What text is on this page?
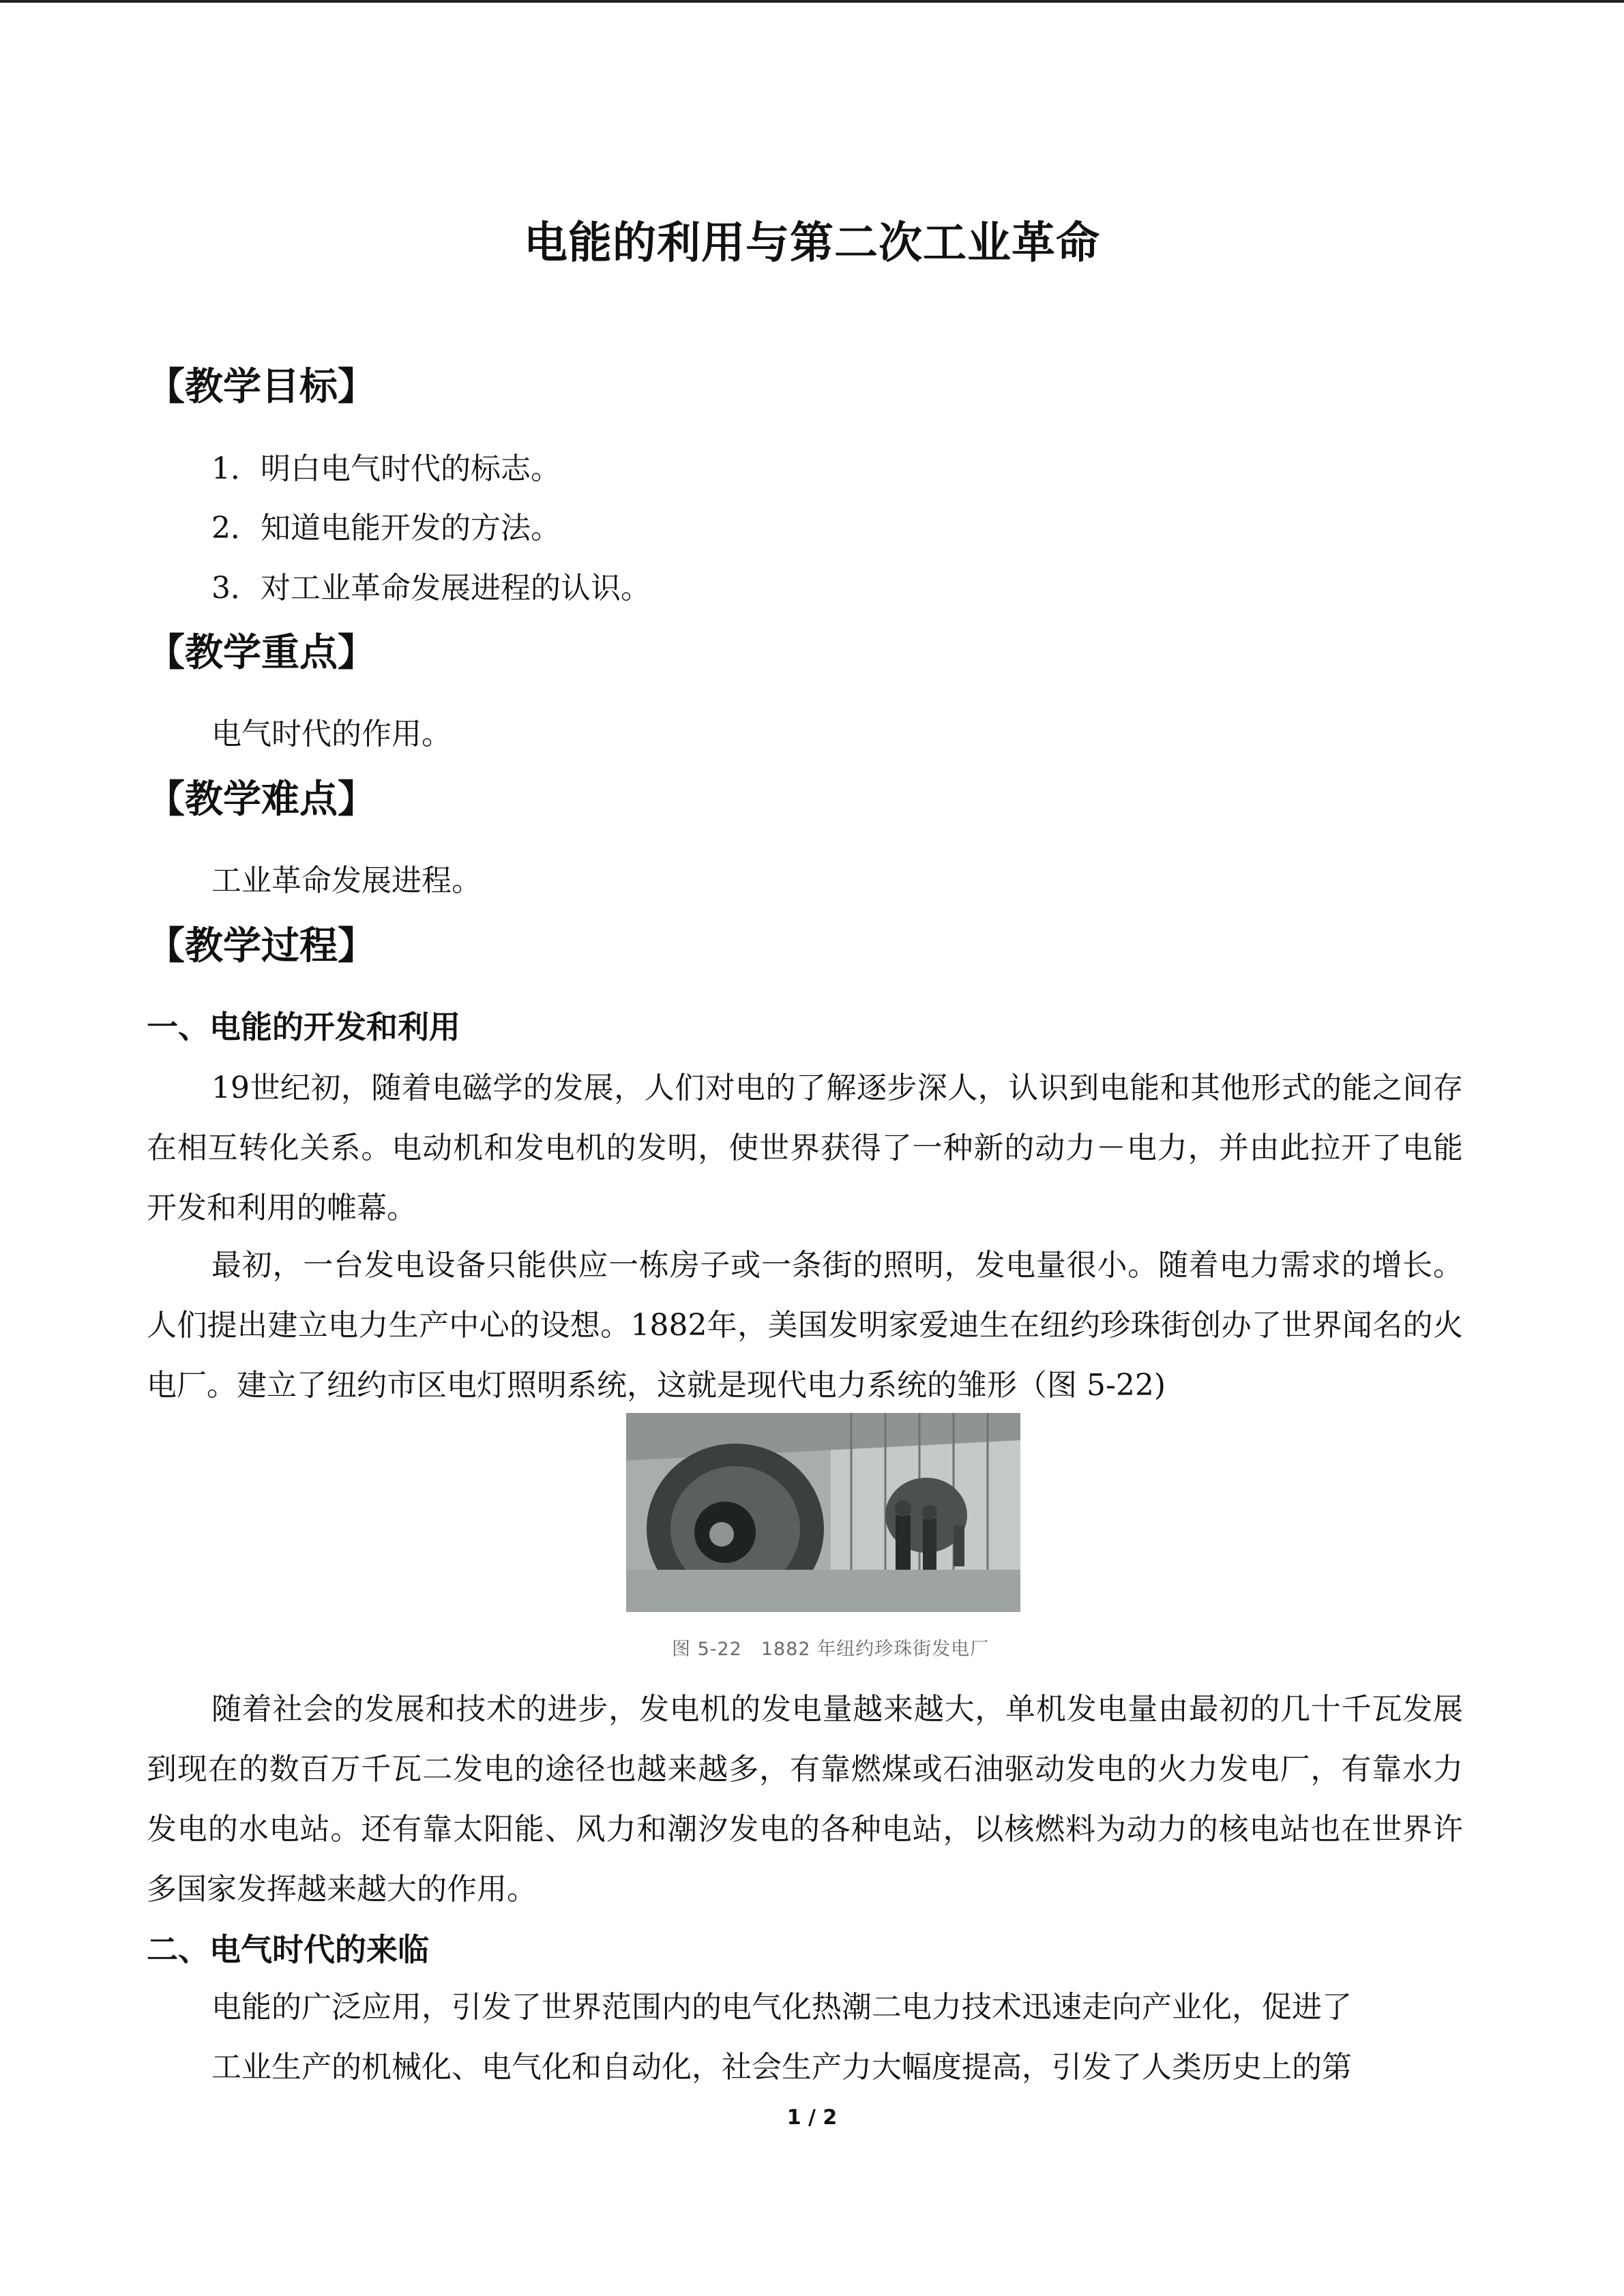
电能的利用与第二次工业革命
【教学目标】
1．明白电气时代的标志。
2．知道电能开发的方法。
3．对工业革命发展进程的认识。
【教学重点】
电气时代的作用。
【教学难点】
工业革命发展进程。
【教学过程】
一、电能的开发和利用

19世纪初，随着电磁学的发展，人们对电的了解逐步深人，认识到电能和其他形式的能之间存在相互转化关系。电动机和发电机的发明，使世界获得了一种新的动力－电力，并由此拉开了电能开发和利用的帷幕。

最初，一台发电设备只能供应一栋房子或一条街的照明，发电量很小。随着电力需求的增长。人们提出建立电力生产中心的设想。1882年，美国发明家爱迪生在纽约珍珠街创办了世界闻名的火电厂。建立了纽约市区电灯照明系统，这就是现代电力系统的雏形（图 5-22)

图 5-22　1882 年纽约珍珠街发电厂

随着社会的发展和技术的进步，发电机的发电量越来越大，单机发电量由最初的几十千瓦发展到现在的数百万千瓦二发电的途径也越来越多，有靠燃煤或石油驱动发电的火力发电厂，有靠水力发电的水电站。还有靠太阳能、风力和潮汐发电的各种电站，以核燃料为动力的核电站也在世界许多国家发挥越来越大的作用。

二、电气时代的来临
电能的广泛应用，引发了世界范围内的电气化热潮二电力技术迅速走向产业化，促进了
工业生产的机械化、电气化和自动化，社会生产力大幅度提高，引发了人类历史上的第
1 / 2
